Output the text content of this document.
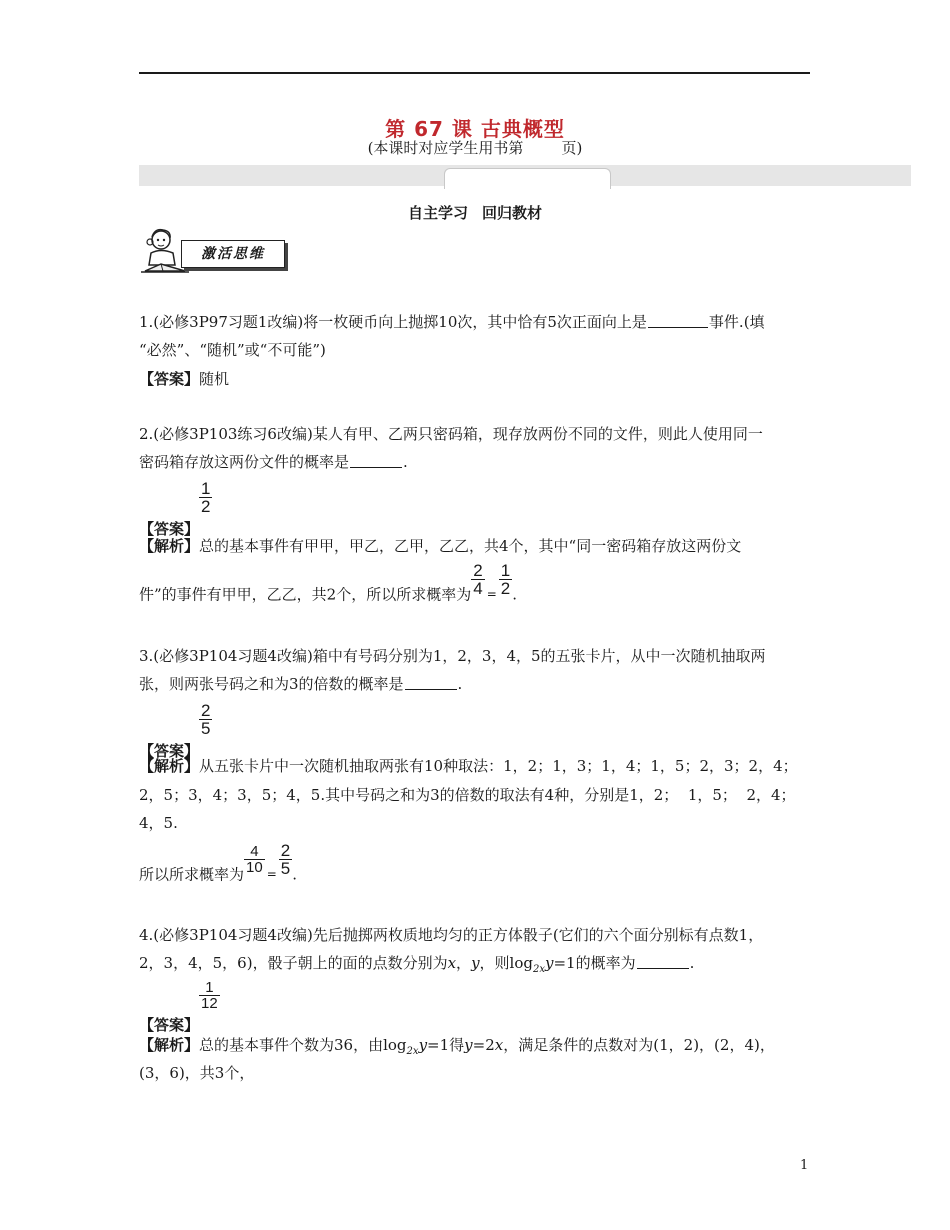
第 67 课 古典概型
(本课时对应学生用书第        页)
自主学习 回归教材
激活思维
1.(必修3P97习题1改编)将一枚硬币向上抛掷10次，其中恰有5次正面向上是	事件.(填
“必然”、“随机”或“不可能”)
【答案】随机
2.(必修3P103练习6改编)某人有甲、乙两只密码箱，现存放两份不同的文件，则此人使用同一
密码箱存放这两份文件的概率是	.
【答案】
$\frac{1}{2}$
【解析】总的基本事件有甲甲，甲乙，乙甲，乙乙，共4个，其中“同一密码箱存放这两份文
件”的事件有甲甲，乙乙，共2个，所以所求概率为 $\frac{2}{4} _= \frac{1}{2}$ .
3.(必修3P104习题4改编)箱中有号码分别为1，2，3，4，5的五张卡片，从中一次随机抽取两
张，则两张号码之和为3的倍数的概率是	.
【答案】
$\frac{2}{5}$
【解析】从五张卡片中一次随机抽取两张有10种取法：1，2；1，3；1，4；1，5；2，3；2，4；
2，5；3，4；3，5；4，5.其中号码之和为3的倍数的取法有4种，分别是1，2；  1，5；  2，4；
4，5.
所以所求概率为 $\frac{4}{10} _= \frac{2}{5}$ .
4.(必修3P104习题4改编)先后抛掷两枚质地均匀的正方体骰子(它们的六个面分别标有点数1，
2，3，4，5，6)，骰子朝上的面的点数分别为x，y，则$\log_{2x}y=1$的概率为	.
【答案】
$\frac{1}{12}$
【解析】总的基本事件个数为36，由$\log_{2x}y=1$得y=2x，满足条件的点数对为(1，2)，(2，4)，
(3，6)，共3个，
1
